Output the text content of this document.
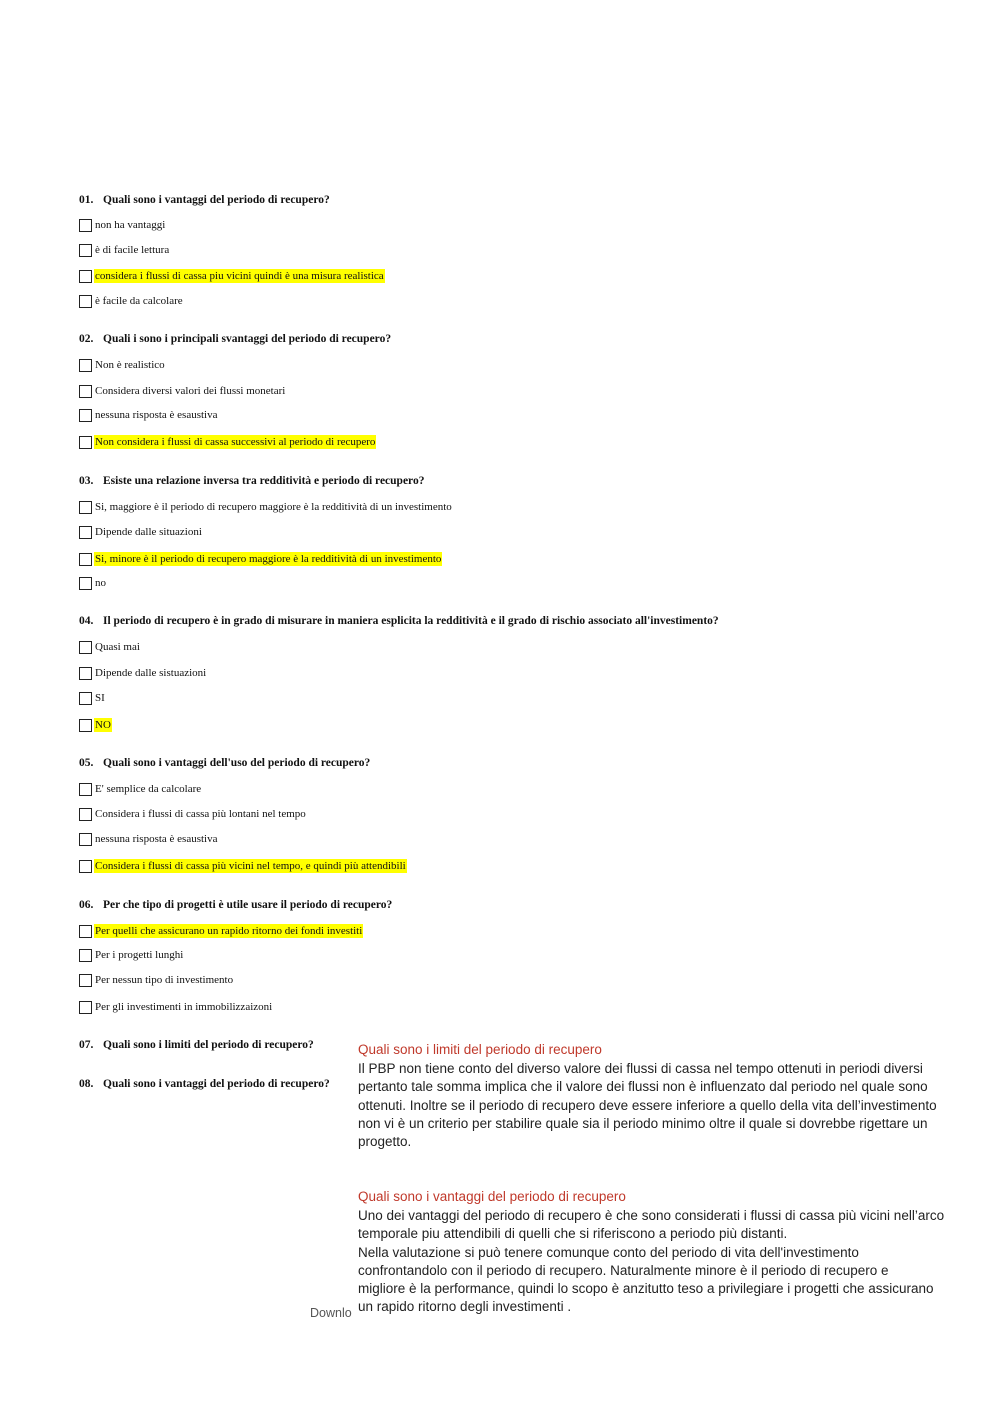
01. Quali sono i vantaggi del periodo di recupero?
non ha vantaggi
è di facile lettura
considera i flussi di cassa piu vicini quindi è una misura realistica
è facile da calcolare
02. Quali i sono i principali svantaggi del periodo di recupero?
Non è realistico
Considera diversi valori dei flussi monetari
nessuna risposta è esaustiva
Non considera i flussi di cassa successivi al periodo di recupero
03. Esiste una relazione inversa tra redditività e periodo di recupero?
Si, maggiore è il periodo di recupero maggiore è la redditività di un investimento
Dipende dalle situazioni
Si, minore è il periodo di recupero maggiore è la redditività di un investimento
no
04. Il periodo di recupero è in grado di misurare in maniera esplicita la redditività e il grado di rischio associato all'investimento?
Quasi mai
Dipende dalle sistuazioni
SI
NO
05. Quali sono i vantaggi dell'uso del periodo di recupero?
E' semplice da calcolare
Considera i flussi di cassa più lontani nel tempo
nessuna risposta è esaustiva
Considera i flussi di cassa più vicini nel tempo, e quindi più attendibili
06. Per che tipo di progetti è utile usare il periodo di recupero?
Per quelli che assicurano un rapido ritorno dei fondi investiti
Per i progetti lunghi
Per nessun tipo di investimento
Per gli investimenti in immobilizzaizoni
07. Quali sono i limiti del periodo di recupero?
08. Quali sono i vantaggi del periodo di recupero?
Quali sono i limiti del periodo di recupero

Il PBP non tiene conto del diverso valore dei flussi di cassa nel tempo ottenuti in periodi diversi

pertanto tale somma implica che il valore dei flussi non è influenzato dal periodo nel quale sono

ottenuti. Inoltre se il periodo di recupero deve essere inferiore a quello della vita dell’investimento

non vi è un criterio per stabilire quale sia il periodo minimo oltre il quale si dovrebbe rigettare un

progetto.

Quali sono i vantaggi del periodo di recupero

Uno dei vantaggi del periodo di recupero è che sono considerati i flussi di cassa più vicini nell’arco

temporale piu attendibili di quelli che si riferiscono a periodo più distanti.

Nella valutazione si può tenere comunque conto del periodo di vita dell'investimento

confrontandolo con il periodo di recupero. Naturalmente minore è il periodo di recupero e

migliore è la performance, quindi lo scopo è anzitutto teso a privilegiare i progetti che assicurano

un rapido ritorno degli investimenti .

Downlo
